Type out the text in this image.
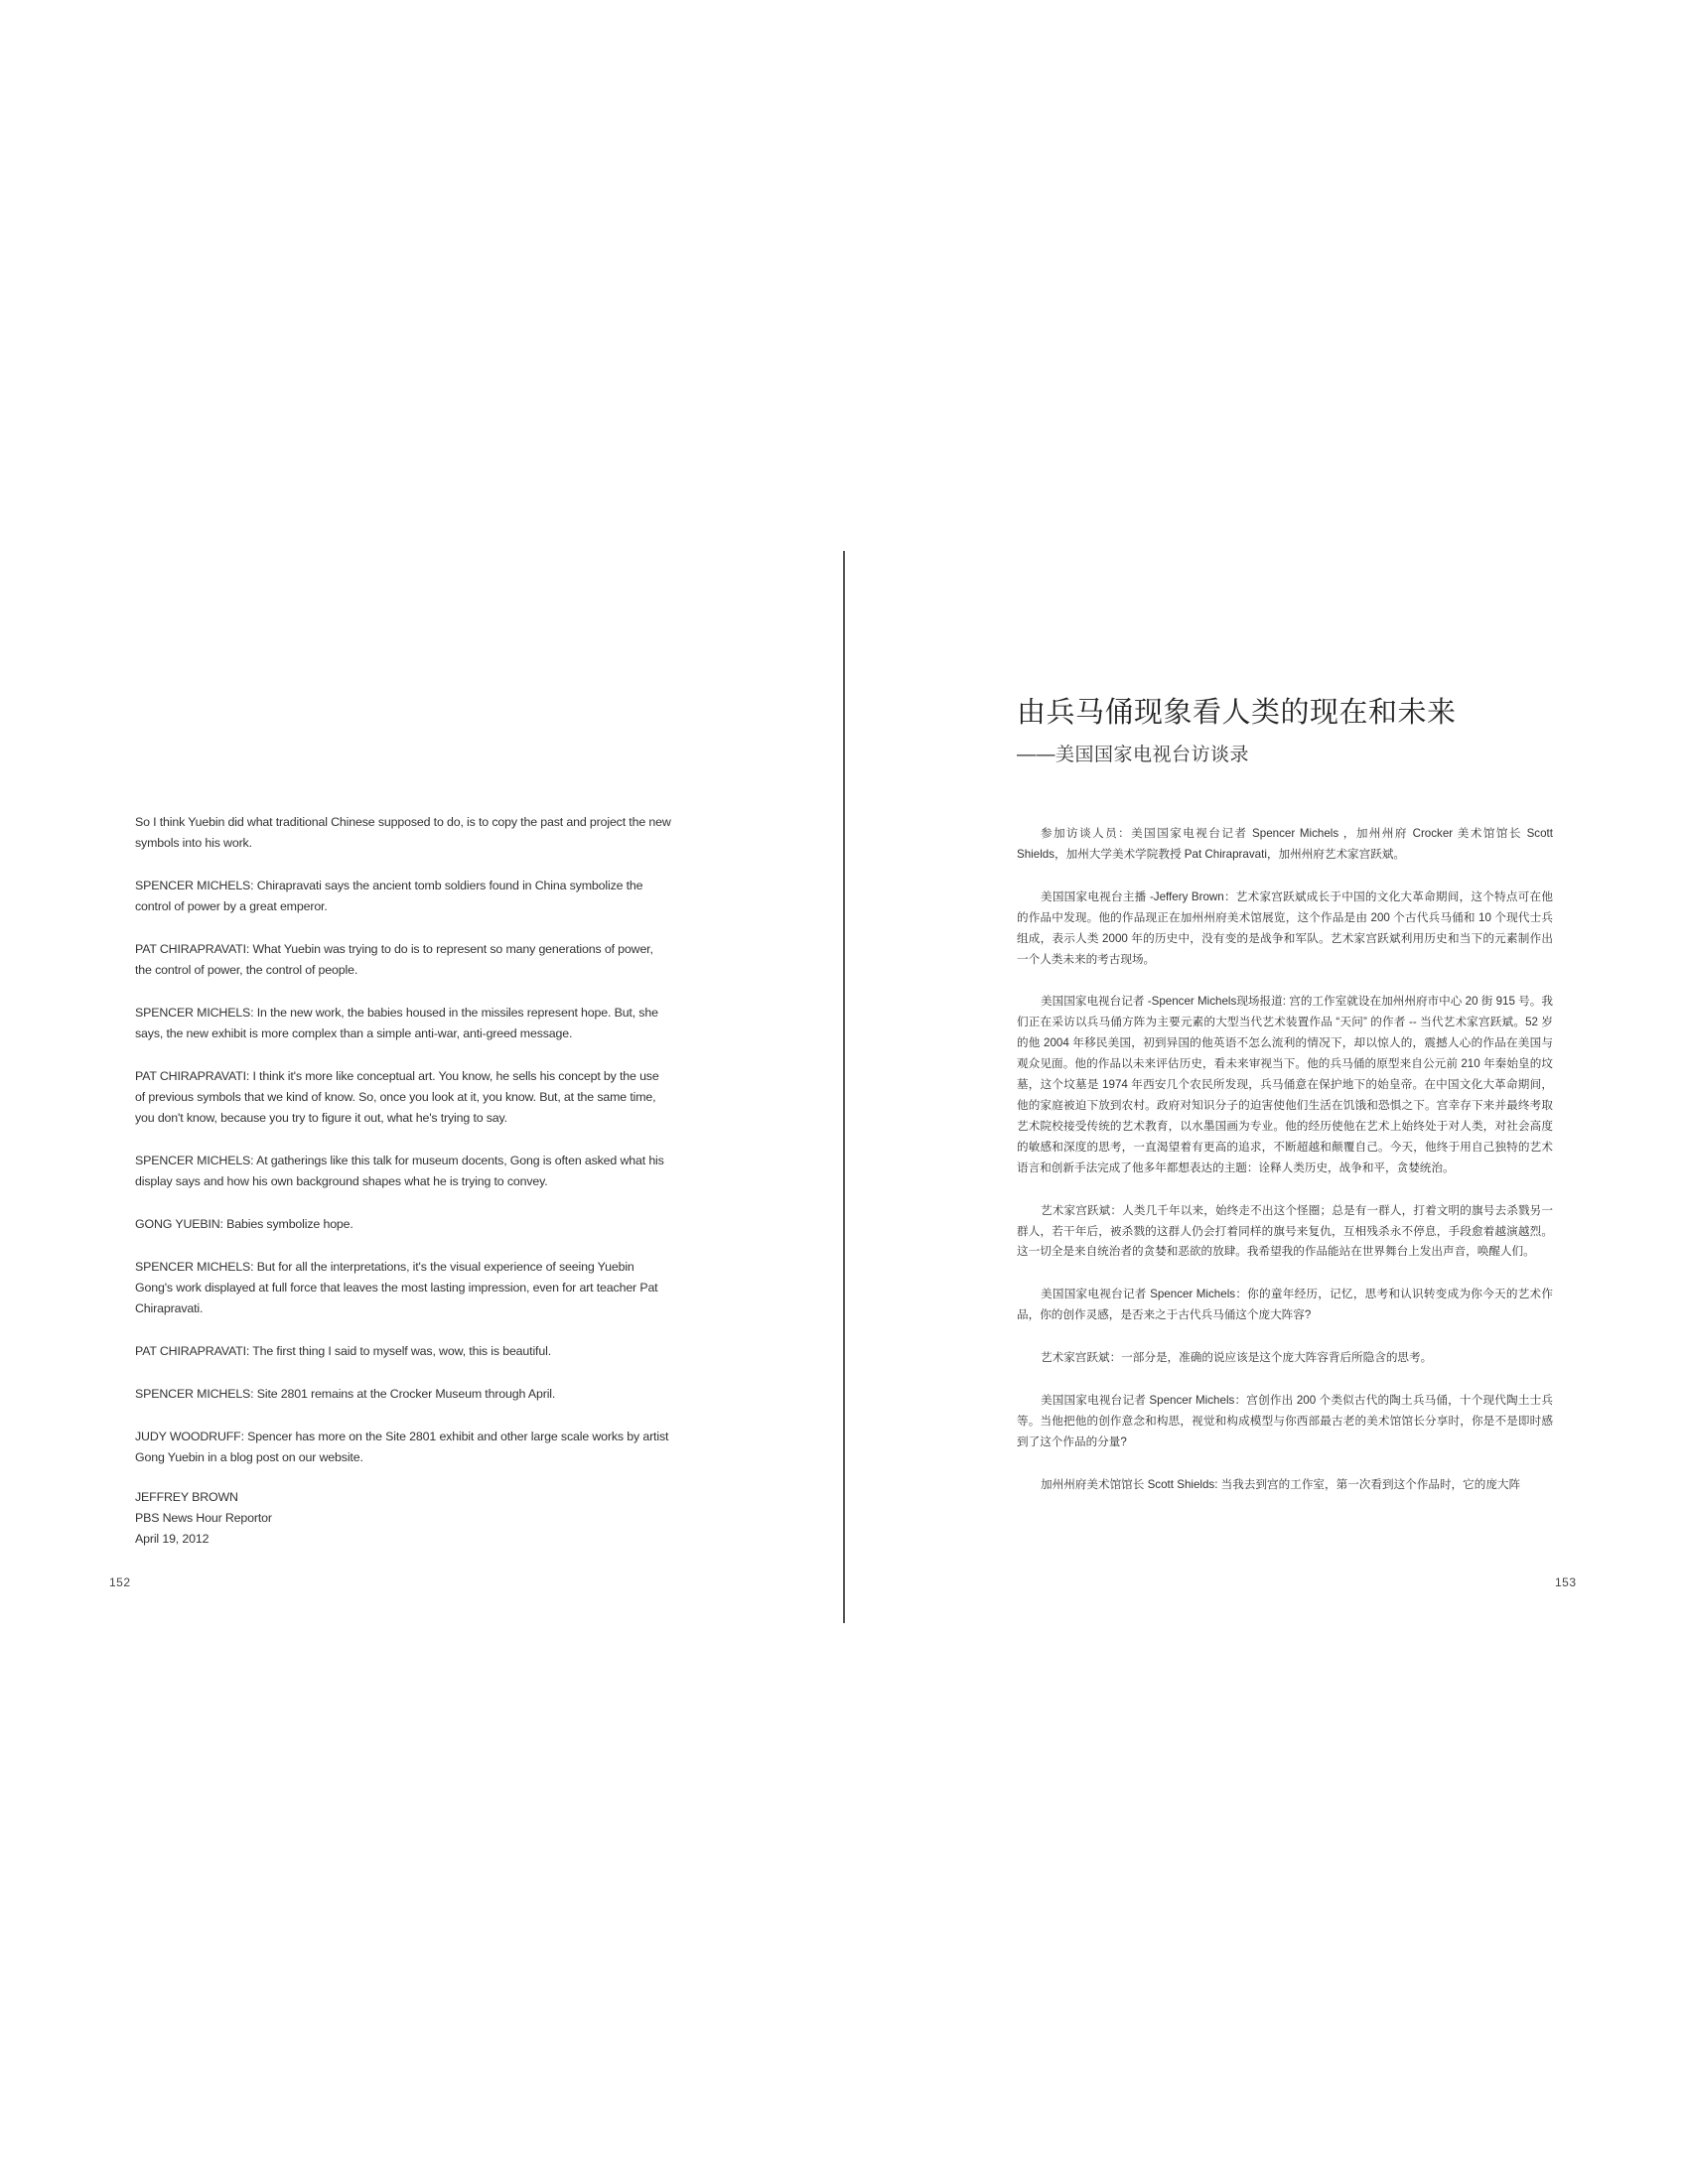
So I think Yuebin did what traditional Chinese supposed to do, is to copy the past and project the new symbols into his work.

SPENCER MICHELS: Chirapravati says the ancient tomb soldiers found in China symbolize the control of power by a great emperor.

PAT CHIRAPRAVATI: What Yuebin was trying to do is to represent so many generations of power, the control of power, the control of people.

SPENCER MICHELS: In the new work, the babies housed in the missiles represent hope. But, she says, the new exhibit is more complex than a simple anti-war, anti-greed message.

PAT CHIRAPRAVATI: I think it's more like conceptual art. You know, he sells his concept by the use of previous symbols that we kind of know. So, once you look at it, you know. But, at the same time, you don't know, because you try to figure it out, what he's trying to say.

SPENCER MICHELS: At gatherings like this talk for museum docents, Gong is often asked what his display says and how his own background shapes what he is trying to convey.

GONG YUEBIN: Babies symbolize hope.

SPENCER MICHELS: But for all the interpretations, it's the visual experience of seeing Yuebin Gong's work displayed at full force that leaves the most lasting impression, even for art teacher Pat Chirapravati.

PAT CHIRAPRAVATI: The first thing I said to myself was, wow, this is beautiful.

SPENCER MICHELS: Site 2801 remains at the Crocker Museum through April.

JUDY WOODRUFF: Spencer has more on the Site 2801 exhibit and other large scale works by artist Gong Yuebin in a blog post on our website.

JEFFREY BROWN
PBS News Hour Reportor
April 19, 2012
152
由兵马俑现象看人类的现在和未来
——美国国家电视台访谈录

参加访谈人员：美国国家电视台记者 Spencer Michels ，加州州府 Crocker 美术馆馆长 Scott Shields，加州大学美术学院教授 Pat Chirapravati，加州州府艺术家宫跃斌。

美国国家电视台主播 -Jeffery Brown：艺术家宫跃斌成长于中国的文化大革命期间，这个特点可在他的作品中发现。他的作品现正在加州州府美术馆展览，这个作品是由 200 个古代兵马俑和 10 个现代士兵组成，表示人类 2000 年的历史中，没有变的是战争和军队。艺术家宫跃斌利用历史和当下的元素制作出一个人类未来的考古现场。

美国国家电视台记者 -Spencer Michels现场报道: 宫的工作室就设在加州州府市中心 20 街 915 号。我们正在采访以兵马俑方阵为主要元素的大型当代艺术装置作品 “天问” 的作者 -- 当代艺术家宫跃斌。52 岁的他 2004 年移民美国，初到异国的他英语不怎么流利的情况下，却以惊人的，震撼人心的作品在美国与观众见面。他的作品以未来评估历史，看未来审视当下。他的兵马俑的原型来自公元前 210 年秦始皇的坟墓，这个坟墓是 1974 年西安几个农民所发现，兵马俑意在保护地下的始皇帝。在中国文化大革命期间，他的家庭被迫下放到农村。政府对知识分子的迫害使他们生活在饥饿和恐惧之下。宫幸存下来并最终考取艺术院校接受传统的艺术教育，以水墨国画为专业。他的经历使他在艺术上始终处于对人类，对社会高度的敏感和深度的思考，一直渴望着有更高的追求，不断超越和颠覆自己。今天，他终于用自己独特的艺术语言和创新手法完成了他多年都想表达的主题：诠释人类历史，战争和平，贪婪统治。

艺术家宫跃斌：人类几千年以来，始终走不出这个怪圈；总是有一群人，打着文明的旗号去杀戮另一群人，若干年后，被杀戮的这群人仍会打着同样的旗号来复仇，互相残杀永不停息，手段愈着越演越烈。这一切全是来自统治者的贪婪和恶欲的放肆。我希望我的作品能站在世界舞台上发出声音，唤醒人们。

美国国家电视台记者 Spencer Michels：你的童年经历，记忆，思考和认识转变成为你今天的艺术作品，你的创作灵感，是否来之于古代兵马俑这个庞大阵容?

艺术家宫跃斌：一部分是，准确的说应该是这个庞大阵容背后所隐含的思考。

美国国家电视台记者 Spencer Michels：宫创作出 200 个类似古代的陶土兵马俑，十个现代陶土士兵等。当他把他的创作意念和构思，视觉和构成模型与你西部最古老的美术馆馆长分享时，你是不是即时感到了这个作品的分量?

加州州府美术馆馆长 Scott Shields: 当我去到宫的工作室，第一次看到这个作品时，它的庞大阵

153
